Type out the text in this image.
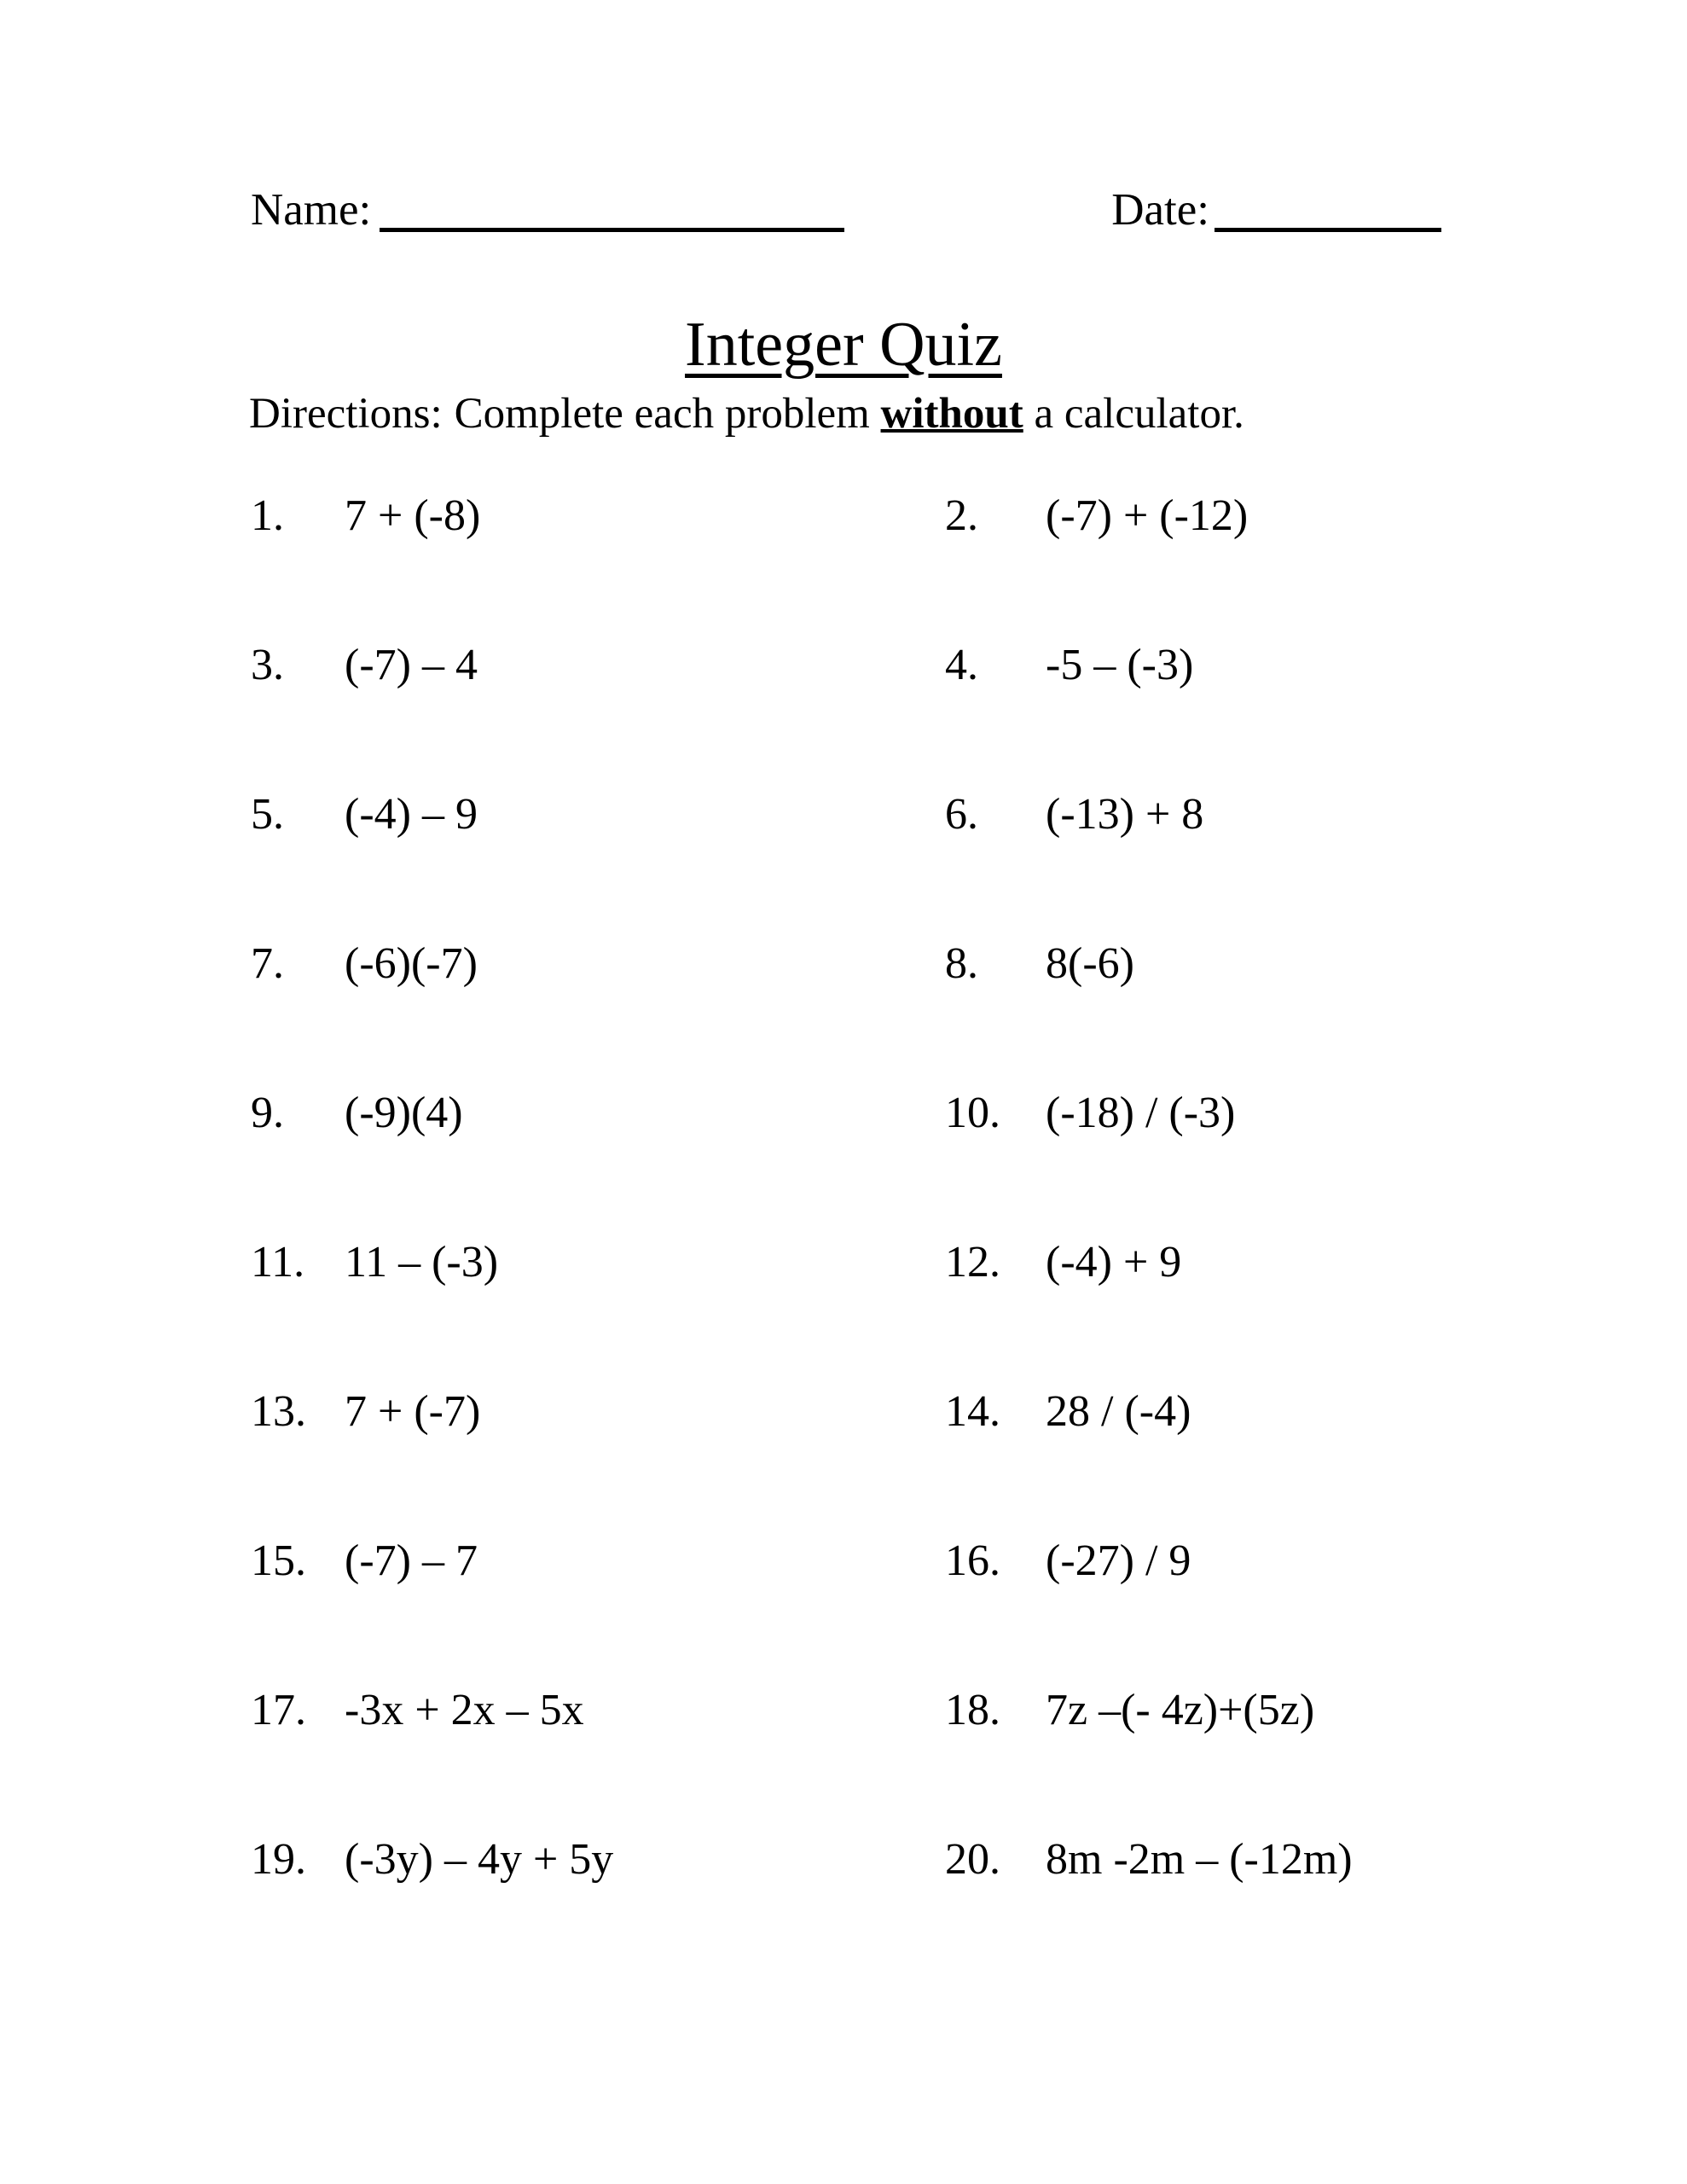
Name:	Date:
Integer Quiz
Directions: Complete each problem without a calculator.
1.	7 + (-8)	2.	(-7) + (-12)
3.	(-7) – 4	4.	-5 – (-3)
5.	(-4) – 9	6.	(-13) + 8
7.	(-6)(-7)	8.	8(-6)
9.	(-9)(4)	10.	(-18) / (-3)
11. 11 – (-3)	12.	(-4) + 9
13. 7 + (-7)	14.	28 / (-4)
15. (-7) – 7	16.	(-27) / 9
17. -3x + 2x – 5x	18.	7z –(- 4z)+(5z)
19. (-3y) – 4y + 5y	20.	8m -2m – (-12m)
